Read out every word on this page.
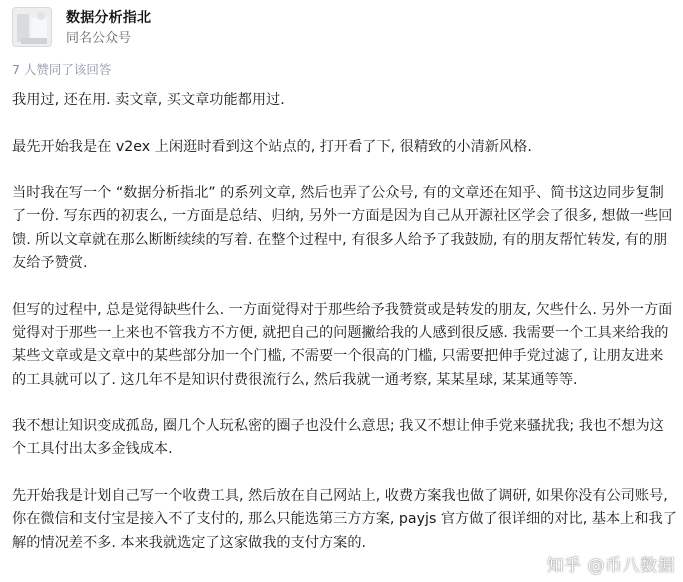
数据分析指北
同名公众号
7 人赞同了该回答

我用过, 还在用. 卖文章, 买文章功能都用过.

最先开始我是在 v2ex 上闲逛时看到这个站点的, 打开看了下, 很精致的小清新风格.

当时我在写一个 “数据分析指北” 的系列文章, 然后也弄了公众号, 有的文章还在知乎、简书这边同步复制了一份. 写东西的初衷么, 一方面是总结、归纳, 另外一方面是因为自己从开源社区学会了很多, 想做一些回馈. 所以文章就在那么断断续续的写着. 在整个过程中, 有很多人给予了我鼓励, 有的朋友帮忙转发, 有的朋友给予赞赏.

但写的过程中, 总是觉得缺些什么. 一方面觉得对于那些给予我赞赏或是转发的朋友, 欠些什么. 另外一方面觉得对于那些一上来也不管我方不方便, 就把自己的问题撇给我的人感到很反感. 我需要一个工具来给我的某些文章或是文章中的某些部分加一个门槛, 不需要一个很高的门槛, 只需要把伸手党过滤了, 让朋友进来的工具就可以了. 这几年不是知识付费很流行么, 然后我就一通考察, 某某星球, 某某通等等.

我不想让知识变成孤岛, 圈几个人玩私密的圈子也没什么意思; 我又不想让伸手党来骚扰我; 我也不想为这个工具付出太多金钱成本.

先开始我是计划自己写一个收费工具, 然后放在自己网站上, 收费方案我也做了调研, 如果你没有公司账号, 你在微信和支付宝是接入不了支付的, 那么只能选第三方方案, payjs 官方做了很详细的对比, 基本上和我了解的情况差不多. 本来我就选定了这家做我的支付方案的.

知乎 @币八数据
